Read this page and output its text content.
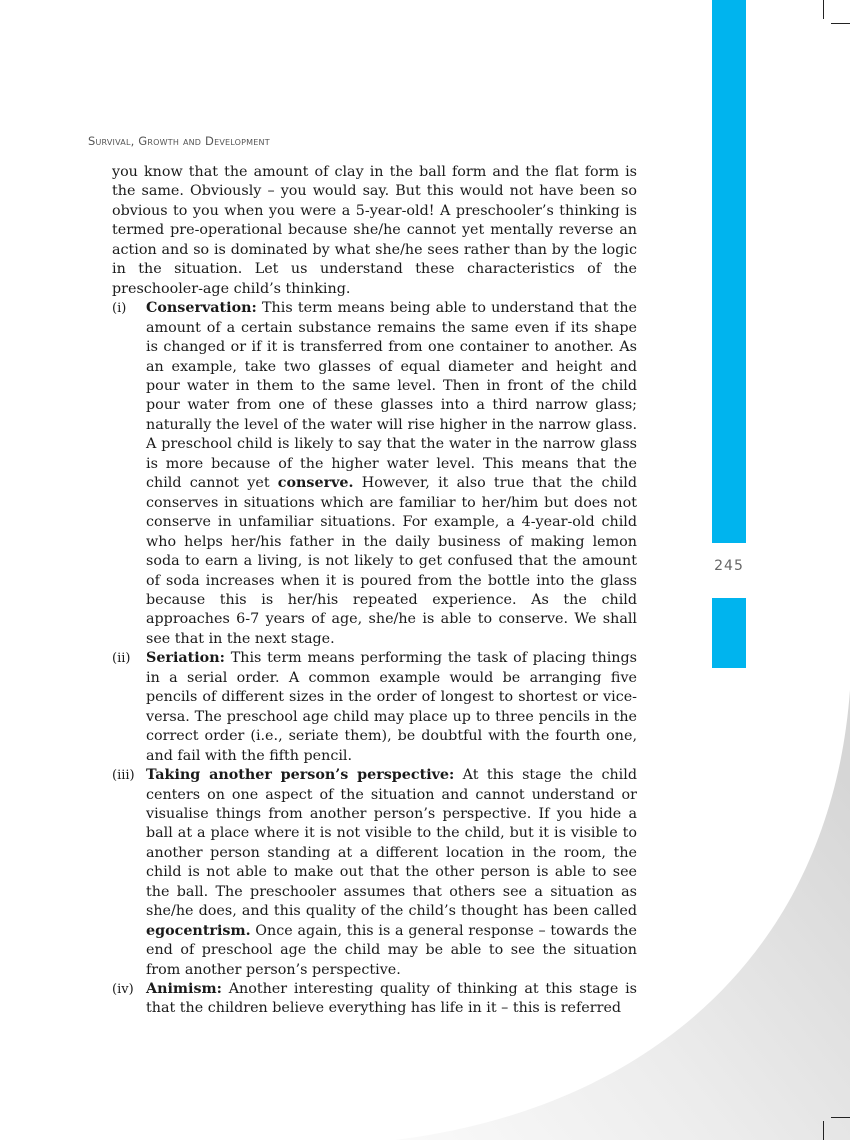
245
Survival, Growth and Development

you know that the amount of clay in the ball form and the flat form is the same. Obviously – you would say. But this would not have been so obvious to you when you were a 5-year-old! A preschooler’s thinking is termed pre-operational because she/he cannot yet mentally reverse an action and so is dominated by what she/he sees rather than by the logic in the situation. Let us understand these characteristics of the preschooler-age child’s thinking.

(i)	Conservation: This term means being able to understand that the amount of a certain substance remains the same even if its shape is changed or if it is transferred from one container to another. As an example, take two glasses of equal diameter and height and pour water in them to the same level. Then in front of the child pour water from one of these glasses into a third narrow glass; naturally the level of the water will rise higher in the narrow glass. A preschool child is likely to say that the water in the narrow glass is more because of the higher water level. This means that the child cannot yet conserve. However, it also true that the child conserves in situations which are familiar to her/him but does not conserve in unfamiliar situations. For example, a 4-year-old child who helps her/his father in the daily business of making lemon soda to earn a living, is not likely to get confused that the amount of soda increases when it is poured from the bottle into the glass because this is her/his repeated experience. As the child approaches 6-7 years of age, she/he is able to conserve. We shall see that in the next stage.
(ii)	Seriation: This term means performing the task of placing things in a serial order. A common example would be arranging five pencils of different sizes in the order of longest to shortest or vice-versa. The preschool age child may place up to three pencils in the correct order (i.e., seriate them), be doubtful with the fourth one, and fail with the fifth pencil.
(iii) Taking another person’s perspective: At this stage the child centers on one aspect of the situation and cannot understand or visualise things from another person’s perspective. If you hide a ball at a place where it is not visible to the child, but it is visible to another person standing at a different location in the room, the child is not able to make out that the other person is able to see the ball. The preschooler assumes that others see a situation as she/he does, and this quality of the child’s thought has been called egocentrism. Once again, this is a general response – towards the end of preschool age the child may be able to see the situation from another person’s perspective.
(iv) Animism: Another interesting quality of thinking at this stage is that the children believe everything has life in it – this is referred
